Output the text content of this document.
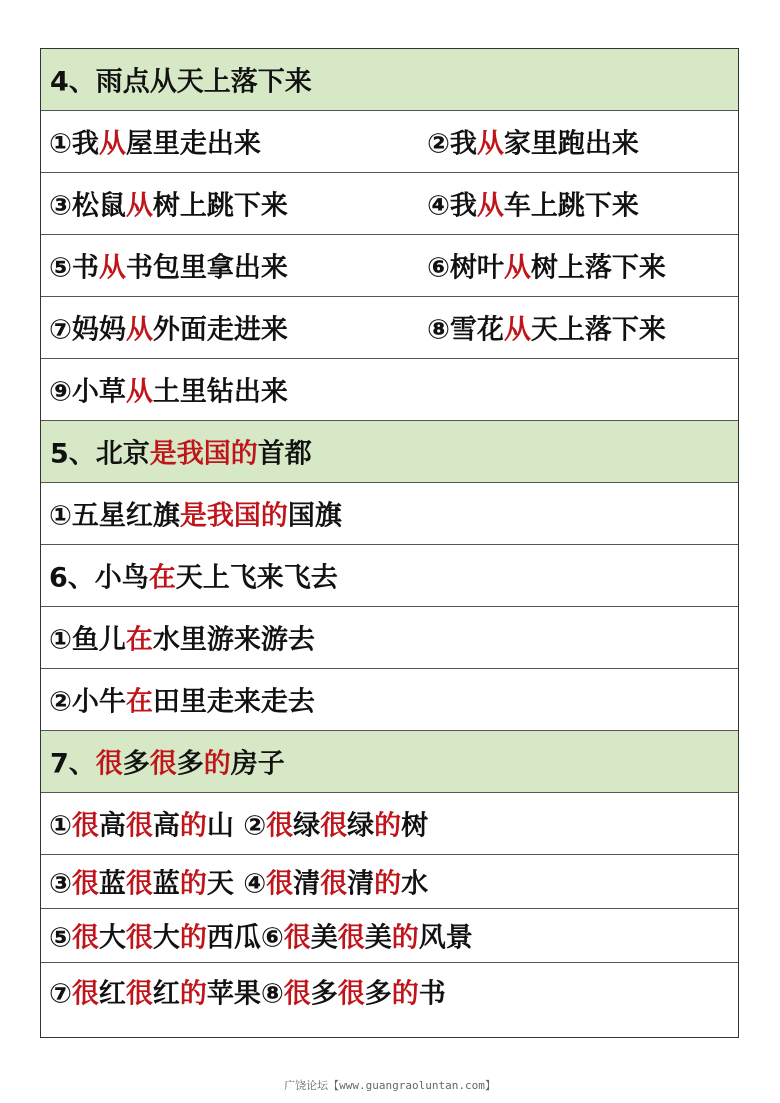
4、雨点从天上落下来
①我从屋里走出来	②我从家里跑出来
③松鼠从树上跳下来	④我从车上跳下来
⑤书从书包里拿出来	⑥树叶从树上落下来
⑦妈妈从外面走进来	⑧雪花从天上落下来
⑨小草从土里钻出来
5、北京是我国的首都
①五星红旗是我国的国旗
6、小鸟在天上飞来飞去
①鱼儿在水里游来游去
②小牛在田里走来走去
7、很多很多的房子
①很高很高的山 ②很绿很绿的树
③很蓝很蓝的天 ④很清很清的水
⑤很大很大的西瓜⑥很美很美的风景
⑦很红很红的苹果⑧很多很多的书
广饶论坛【www.guangraoluntan.com】
